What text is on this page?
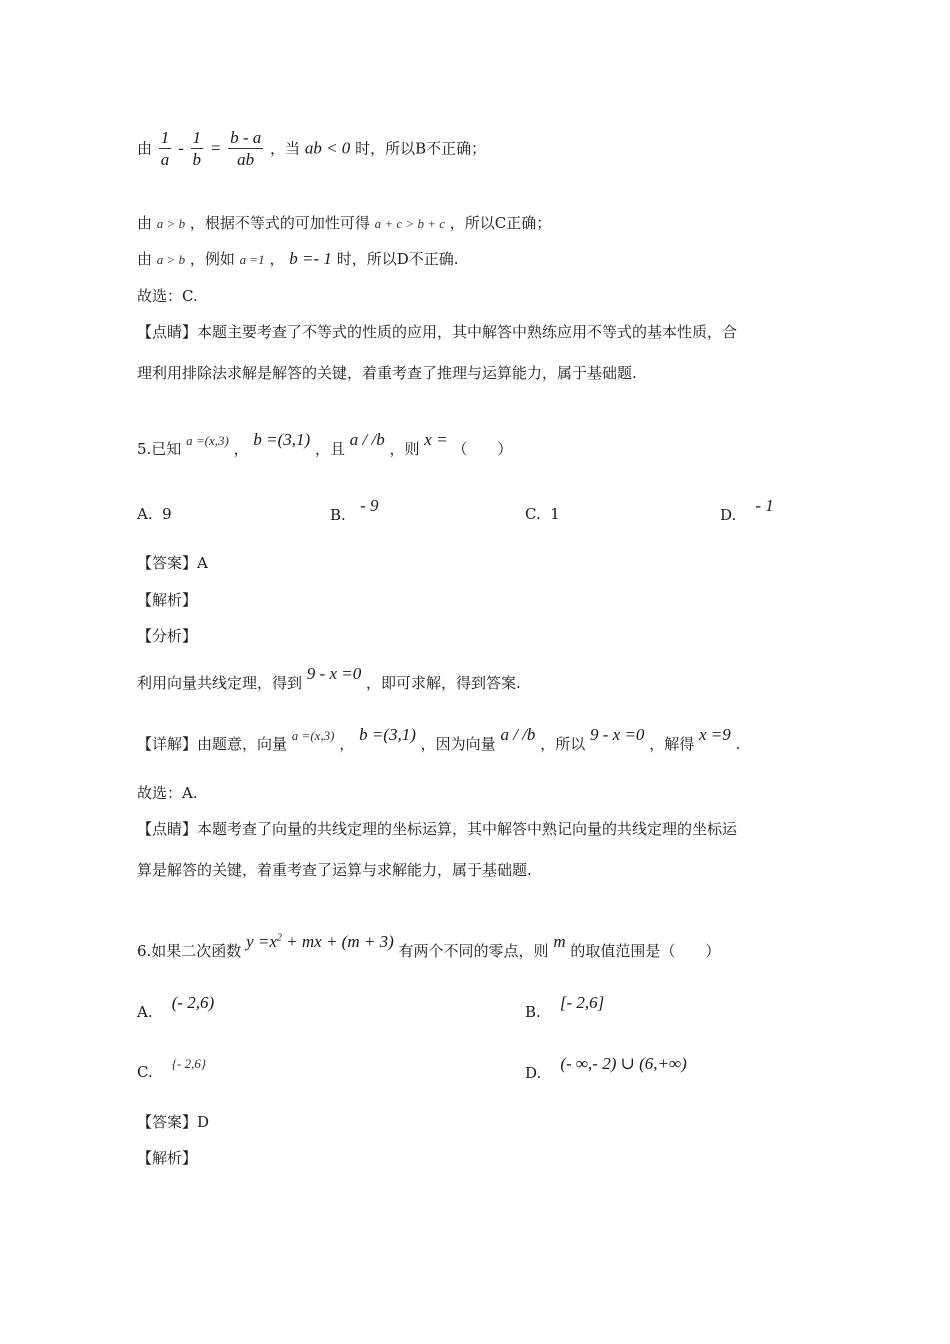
由 $\frac{1}{a} - \frac{1}{b} = \frac{b - a}{ab}$ ，当 ab < 0 时，所以B不正确；
由 a > b ，根据不等式的可加性可得 a + c > b + c ，所以C正确；
由 a > b ，例如 a =1 ， b =- 1 时，所以D不正确.
故选：C.
【点睛】本题主要考查了不等式的性质的应用，其中解答中熟练应用不等式的基本性质，合
理利用排除法求解是解答的关键，着重考查了推理与运算能力，属于基础题.
5.已知 a =(x,3) ， b =(3,1) ，且 a / /b ，则 x = （　　）
A. 9	B. - 9	C. 1	D. - 1
【答案】A
【解析】
【分析】
利用向量共线定理，得到 9 - x =0 ，即可求解，得到答案.
【详解】由题意，向量 a =(x,3) ， b =(3,1) ，因为向量 a / /b ，所以 9 - x =0 ，解得 x =9 .
故选：A.
【点睛】本题考查了向量的共线定理的坐标运算，其中解答中熟记向量的共线定理的坐标运
算是解答的关键，着重考查了运算与求解能力，属于基础题.
6.如果二次函数 $y =x^2$ + mx + (m + 3) 有两个不同的零点，则 m 的取值范围是（　　）
A. (- 2,6)	B. [- 2,6]
C. {- 2,6}
D. (- ∞,- 2) ∪ (6,+∞)
【答案】D
【解析】
